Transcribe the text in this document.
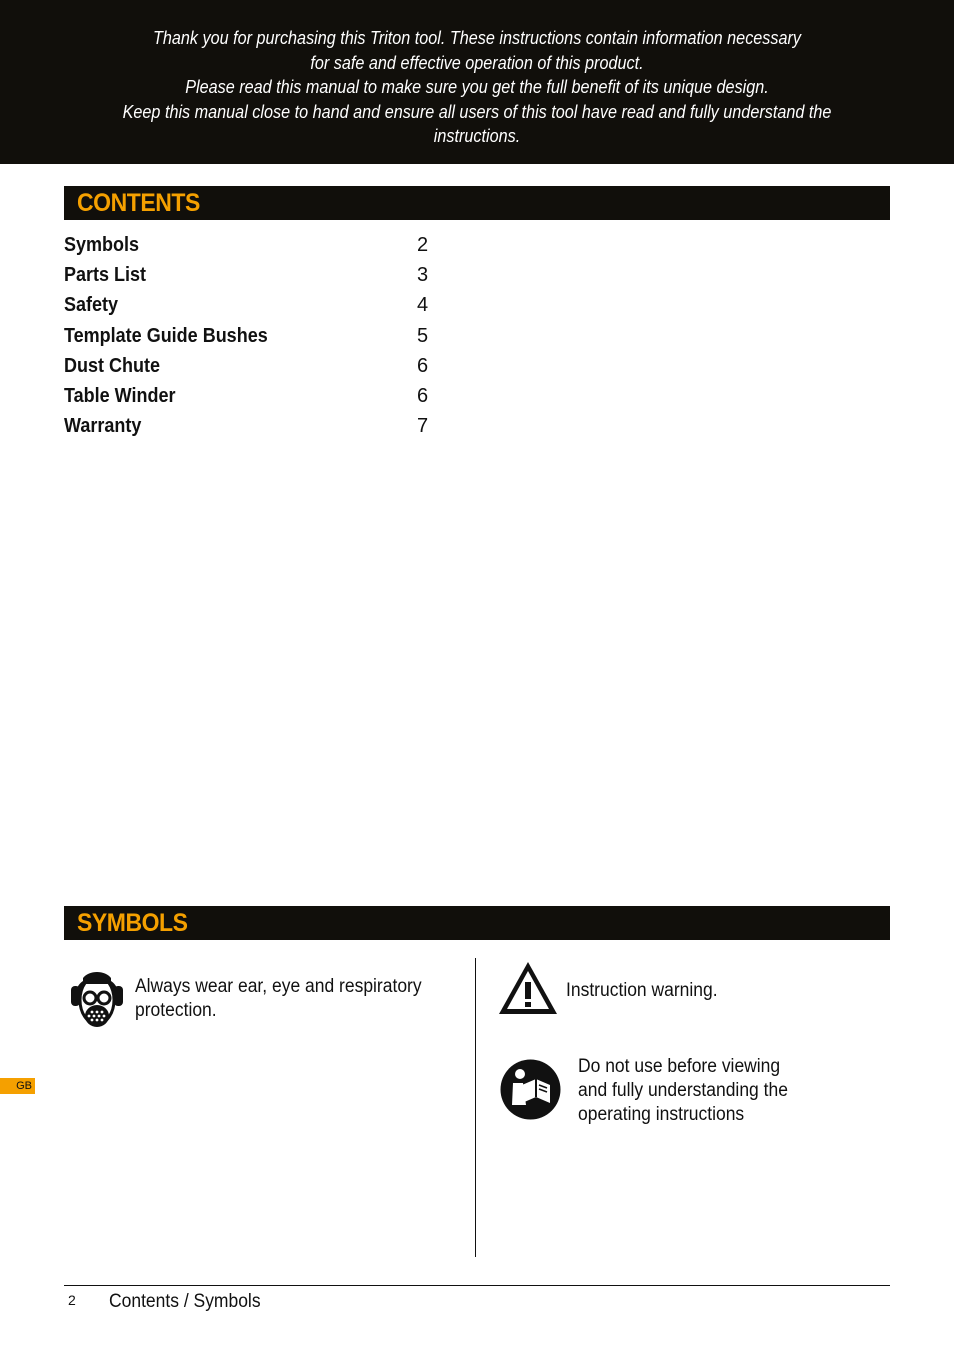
Thank you for purchasing this Triton tool. These instructions contain information necessary
for safe and effective operation of this product.
Please read this manual to make sure you get the full benefit of its unique design.
Keep this manual close to hand and ensure all users of this tool have read and fully understand the
instructions.
CONTENTS
Symbols	2
Parts List	3
Safety	4
Template Guide Bushes	5
Dust Chute	6
Table Winder	6
Warranty	7
SYMBOLS
Always wear ear, eye and respiratory
protection.
Instruction warning.
Do not use before viewing
and fully understanding the
operating instructions
GB
2 Contents / Symbols
